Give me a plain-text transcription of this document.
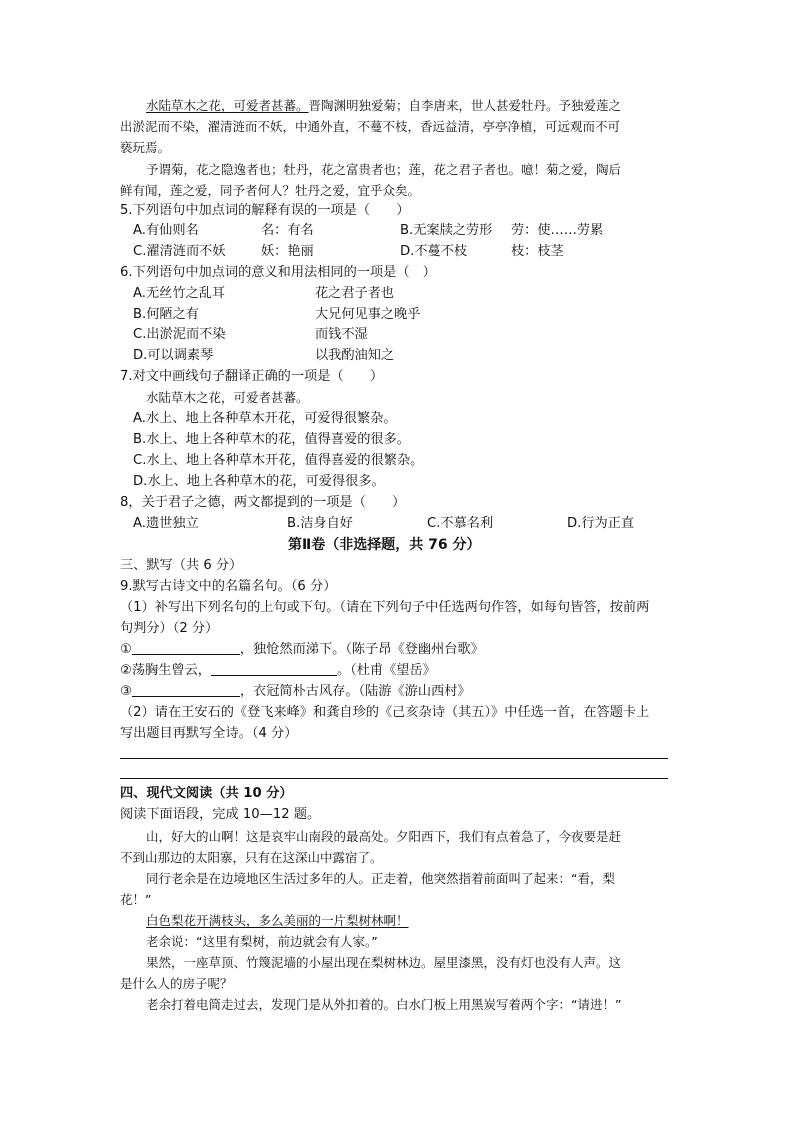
水陆草木之花，可爱者甚蕃。晋陶渊明独爱菊；自李唐来，世人甚爱牡丹。予独爱莲之
出淤泥而不染，濯清涟而不妖，中通外直，不蔓不枝，香远益清，亭亭净植，可远观而不可
亵玩焉。
予谓菊，花之隐逸者也；牡丹，花之富贵者也；莲，花之君子者也。噫！菊之爱，陶后
鲜有闻，莲之爱，同予者何人？牡丹之爱，宜乎众矣。
5.下列语句中加点词的解释有误的一项是（　　）
A.有仙则名	名：有名	B.无案牍之劳形 劳：使……劳累
C.濯清涟而不妖	妖：艳丽	D.不蔓不枝	枝：枝茎
6.下列语句中加点词的意义和用法相同的一项是（　）
A.无丝竹之乱耳	花之君子者也
B.何陋之有	大兄何见事之晚乎
C.出淤泥而不染	而钱不湿
D.可以调素琴	以我酌油知之
7.对文中画线句子翻译正确的一项是（　　）
水陆草木之花，可爱者甚蕃。
A.水上、地上各种草木开花，可爱得很繁杂。
B.水上、地上各种草木的花，值得喜爱的很多。
C.水上、地上各种草木开花，值得喜爱的很繁杂。
D.水上、地上各种草木的花，可爱得很多。
8，关于君子之德，两文都提到的一项是（　　）
A.遗世独立	B.洁身自好	C.不慕名利	D.行为正直
第Ⅱ卷（非选择题，共 76 分）
三、默写（共 6 分）
9.默写古诗文中的名篇名句。（6 分）
（1）补写出下列名句的上句或下句。（请在下列句子中任选两句作答，如每句皆答，按前两
句判分）（2 分）
①	，独怆然而涕下。（陈子昂《登幽州台歌》
②荡胸生曾云，	。（杜甫《望岳》
③	，衣冠简朴古风存。（陆游《游山西村》
（2）请在王安石的《登飞来峰》和龚自珍的《己亥杂诗（其五）》中任选一首，在答题卡上
写出题目再默写全诗。（4 分）
四、现代文阅读（共 10 分）
阅读下面语段，完成 10—12 题。
山，好大的山啊！这是哀牢山南段的最高处。夕阳西下，我们有点着急了，今夜要是赶
不到山那边的太阳寨，只有在这深山中露宿了。
同行老余是在边境地区生活过多年的人。正走着，他突然指着前面叫了起来：“看，梨
花！”
白色梨花开满枝头，多么美丽的一片梨树林啊！
老余说：“这里有梨树，前边就会有人家。”
果然，一座草顶、竹篾泥墙的小屋出现在梨树林边。屋里漆黑，没有灯也没有人声。这
是什么人的房子呢？
老余打着电筒走过去，发现门是从外扣着的。白水门板上用黑炭写着两个字：“请进！”
